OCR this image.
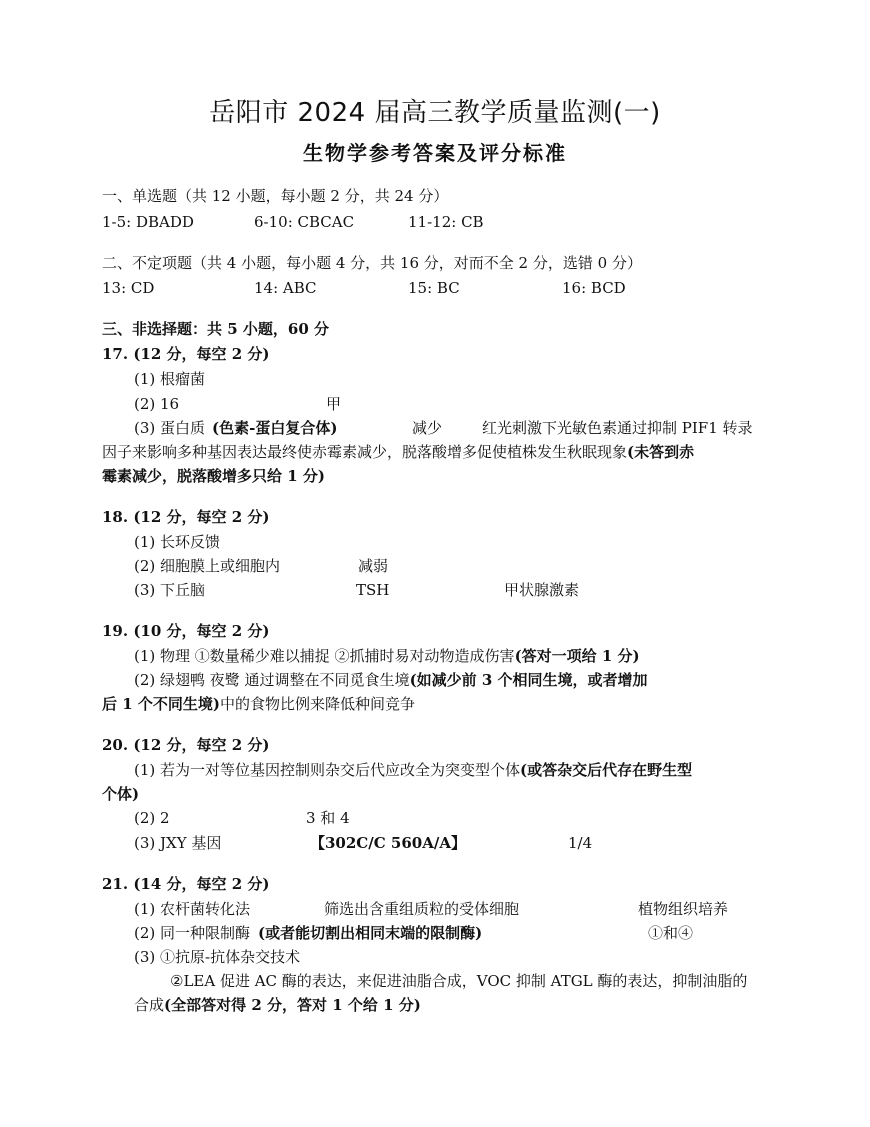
岳阳市 2024 届高三教学质量监测(一)
生物学参考答案及评分标准
一、单选题（共 12 小题，每小题 2 分，共 24 分）
1-5: DBADD	6-10: CBCAC	11-12: CB
二、不定项题（共 4 小题，每小题 4 分，共 16 分，对而不全 2 分，选错 0 分）
13: CD	14: ABC	15: BC	16: BCD
三、非选择题：共 5 小题，60 分
17. (12 分，每空 2 分)
(1) 根瘤菌
(2) 16	甲
(3) 蛋白质 (色素-蛋白复合体)	减少	红光刺激下光敏色素通过抑制 PIF1 转录
因子来影响多种基因表达最终使赤霉素减少，脱落酸增多促使植株发生秋眠现象(未答到赤
霉素减少，脱落酸增多只给 1 分)
18. (12 分，每空 2 分)
(1) 长环反馈
(2) 细胞膜上或细胞内	减弱
(3) 下丘脑	TSH	甲状腺激素
19. (10 分，每空 2 分)
(1) 物理 ①数量稀少难以捕捉 ②抓捕时易对动物造成伤害(答对一项给 1 分)
(2) 绿翅鸭 夜鹭 通过调整在不同觅食生境(如减少前 3 个相同生境，或者增加
后 1 个不同生境)中的食物比例来降低种间竞争
20. (12 分，每空 2 分)
(1) 若为一对等位基因控制则杂交后代应改全为突变型个体(或答杂交后代存在野生型
个体)
(2) 2	3 和 4
(3) JXY 基因	【302C/C 560A/A】	1/4
21. (14 分，每空 2 分)
(1) 农杆菌转化法	筛选出含重组质粒的受体细胞	植物组织培养
(2) 同一种限制酶 (或者能切割出相同末端的限制酶)	①和④
(3) ①抗原-抗体杂交技术
②LEA 促进 AC 酶的表达，来促进油脂合成，VOC 抑制 ATGL 酶的表达，抑制油脂的
合成(全部答对得 2 分，答对 1 个给 1 分)
